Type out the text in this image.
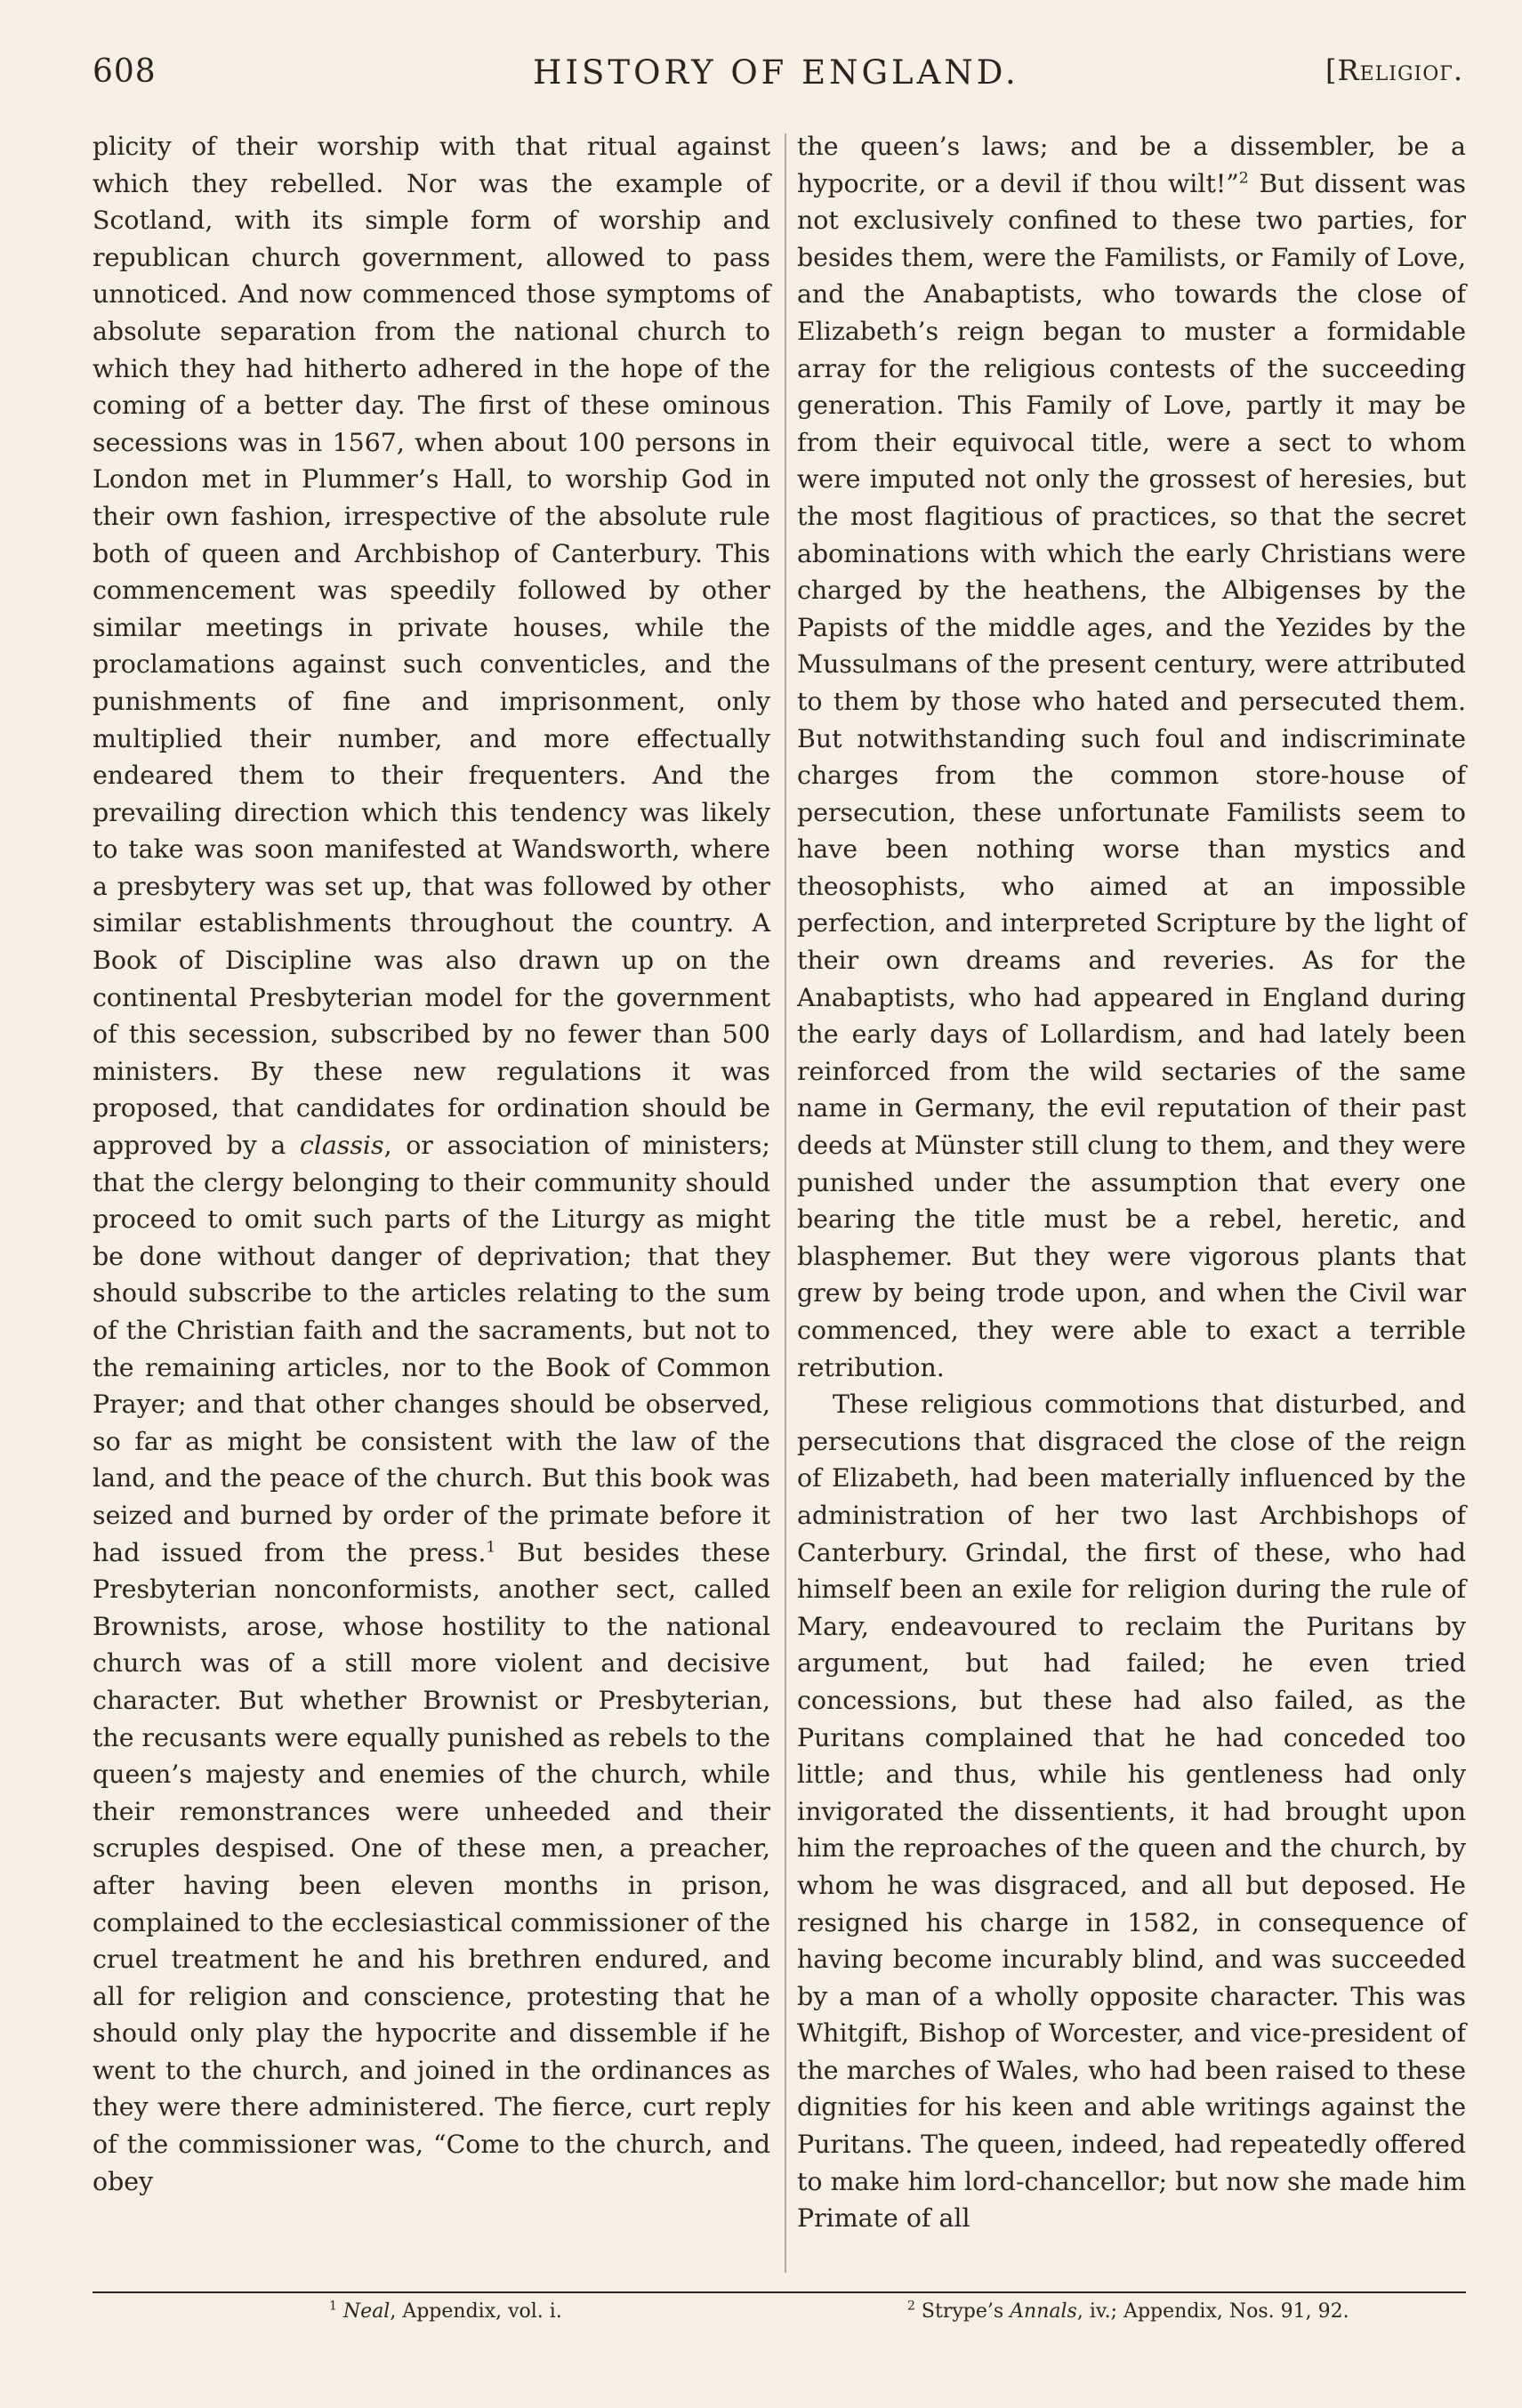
608	HISTORY OF ENGLAND.	[Religioг.

plicity of their worship with that ritual against which they rebelled. Nor was the example of Scotland, with its simple form of worship and republican church government, allowed to pass unnoticed. And now commenced those symptoms of absolute separation from the national church to which they had hitherto adhered in the hope of the coming of a better day. The first of these ominous secessions was in 1567, when about 100 persons in London met in Plummer’s Hall, to worship God in their own fashion, irrespective of the absolute rule both of queen and Archbishop of Canterbury. This commencement was speedily followed by other similar meetings in private houses, while the proclamations against such conventicles, and the punishments of fine and imprisonment, only multiplied their number, and more effectually endeared them to their frequenters. And the prevailing direction which this tendency was likely to take was soon manifested at Wandsworth, where a presbytery was set up, that was followed by other similar establishments throughout the country. A Book of Discipline was also drawn up on the continental Presbyterian model for the government of this secession, subscribed by no fewer than 500 ministers. By these new regulations it was proposed, that candidates for ordination should be approved by a classis, or association of ministers; that the clergy belonging to their community should proceed to omit such parts of the Liturgy as might be done without danger of deprivation; that they should subscribe to the articles relating to the sum of the Christian faith and the sacraments, but not to the remaining articles, nor to the Book of Common Prayer; and that other changes should be observed, so far as might be consistent with the law of the land, and the peace of the church. But this book was seized and burned by order of the primate before it had issued from the press.$^1$ But besides these Presbyterian nonconformists, another sect, called Brownists, arose, whose hostility to the national church was of a still more violent and decisive character. But whether Brownist or Presbyterian, the recusants were equally punished as rebels to the queen’s majesty and enemies of the church, while their remonstrances were unheeded and their scruples despised. One of these men, a preacher, after having been eleven months in prison, complained to the ecclesiastical commissioner of the cruel treatment he and his brethren endured, and all for religion and conscience, protesting that he should only play the hypocrite and dissemble if he went to the church, and joined in the ordinances as they were there administered. The fierce, curt reply of the commissioner was, “Come to the church, and obey

the queen’s laws; and be a dissembler, be a hypocrite, or a devil if thou wilt!”$^2$ But dissent was not exclusively confined to these two parties, for besides them, were the Familists, or Family of Love, and the Anabaptists, who towards the close of Elizabeth’s reign began to muster a formidable array for the religious contests of the succeeding generation. This Family of Love, partly it may be from their equivocal title, were a sect to whom were imputed not only the grossest of heresies, but the most flagitious of practices, so that the secret abominations with which the early Christians were charged by the heathens, the Albigenses by the Papists of the middle ages, and the Yezides by the Mussulmans of the present century, were attributed to them by those who hated and persecuted them. But notwithstanding such foul and indiscriminate charges from the common store-house of persecution, these unfortunate Familists seem to have been nothing worse than mystics and theosophists, who aimed at an impossible perfection, and interpreted Scripture by the light of their own dreams and reveries. As for the Anabaptists, who had appeared in England during the early days of Lollardism, and had lately been reinforced from the wild sectaries of the same name in Germany, the evil reputation of their past deeds at Münster still clung to them, and they were punished under the assumption that every one bearing the title must be a rebel, heretic, and blasphemer. But they were vigorous plants that grew by being trode upon, and when the Civil war commenced, they were able to exact a terrible retribution.

These religious commotions that disturbed, and persecutions that disgraced the close of the reign of Elizabeth, had been materially influenced by the administration of her two last Archbishops of Canterbury. Grindal, the first of these, who had himself been an exile for religion during the rule of Mary, endeavoured to reclaim the Puritans by argument, but had failed; he even tried concessions, but these had also failed, as the Puritans complained that he had conceded too little; and thus, while his gentleness had only invigorated the dissentients, it had brought upon him the reproaches of the queen and the church, by whom he was disgraced, and all but deposed. He resigned his charge in 1582, in consequence of having become incurably blind, and was succeeded by a man of a wholly opposite character. This was Whitgift, Bishop of Worcester, and vice-president of the marches of Wales, who had been raised to these dignities for his keen and able writings against the Puritans. The queen, indeed, had repeatedly offered to make him lord-chancellor; but now she made him Primate of all

$^1$ Neal, Appendix, vol. i.	$^2$ Strype’s Annals, iv.; Appendix, Nos. 91, 92.
